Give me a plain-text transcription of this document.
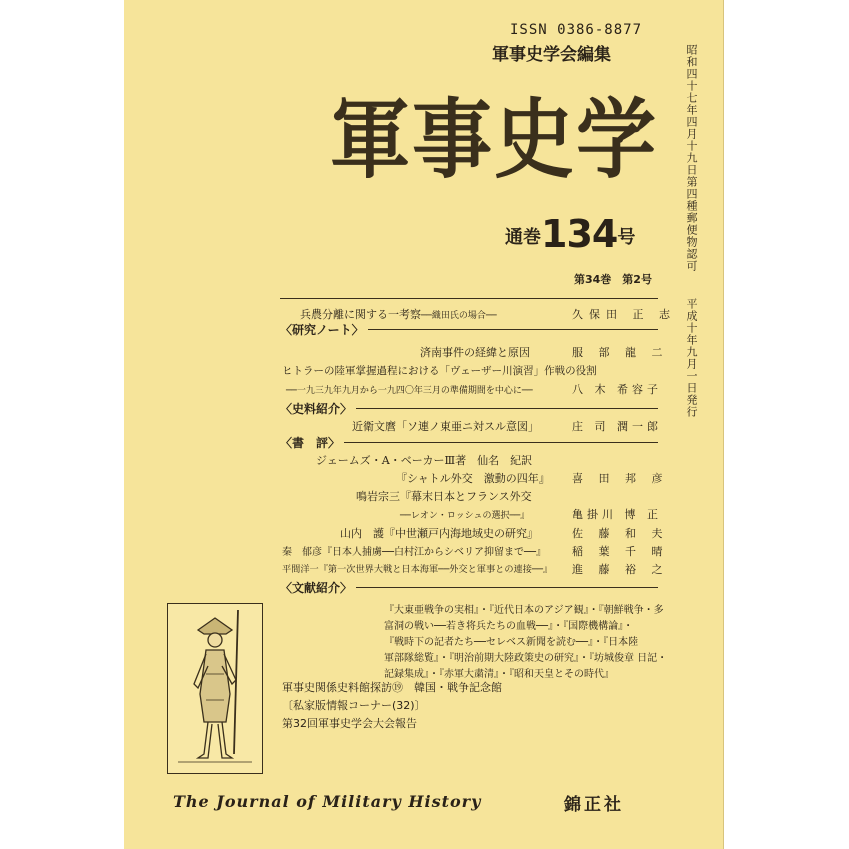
ISSN 0386-8877
軍事史学会編集
軍事史学
通巻134号
第34巻　第2号
昭和四十七年四月十九日第四種郵便物認可
平成十年九月一日発行
兵農分離に関する一考察──織田氏の場合──	久保田 正 志
〈研究ノート〉
済南事件の経緯と原因	服 部 龍 二
ヒトラーの陸軍掌握過程における「ヴェーザー川演習」作戦の役割
──一九三九年九月から一九四〇年三月の準備期間を中心に──	八 木 希容子
〈史料紹介〉
近衛文麿「ソ連ノ東亜ニ対スル意図」	庄 司 潤一郎
〈書　評〉
ジェームズ・A・ベーカーⅢ著　仙名　紀訳
『シャトル外交　激動の四年』 喜 田 邦 彦
鳴岩宗三『幕末日本とフランス外交
──レオン・ロッシュの選択──』	亀掛川 博 正
山内　護『中世瀬戸内海地域史の研究』	佐 藤 和 夫
秦　郁彦『日本人捕虜──白村江からシベリア抑留まで──』 稲 葉 千 晴
平間洋一『第一次世界大戦と日本海軍──外交と軍事との連接──』 進 藤 裕 之
〈文献紹介〉
『大東亜戦争の実相』・『近代日本のアジア観』・『朝鮮戦争・多
富洞の戦い──若き将兵たちの血戦──』・『国際機構論』・
『戦時下の記者たち──セレベス新聞を読む──』・『日本陸
軍部隊総覧』・『明治前期大陸政策史の研究』・『坊城俊章 日記・
記録集成』・『赤軍大粛清』・『昭和天皇とその時代』
軍事史関係史料館探訪⑲　韓国・戦争記念館
〔私家版情報コーナー(32)〕
第32回軍事史学会大会報告
The Journal of Military History	錦正社
